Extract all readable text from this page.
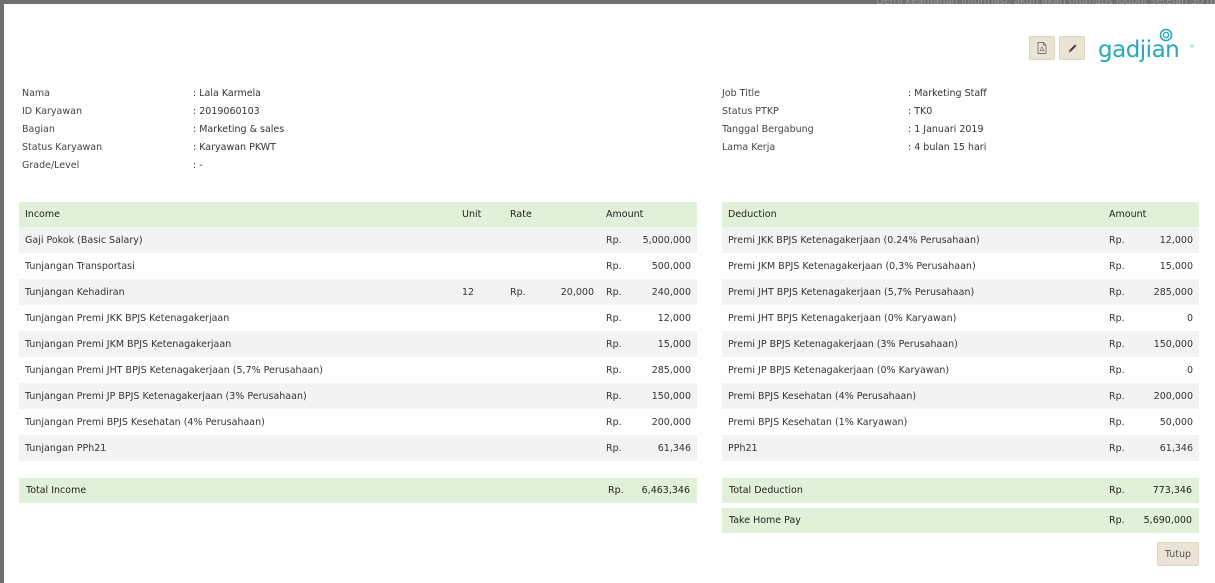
gadjian
Nama	: Lala Karmela
ID Karyawan	: 2019060103
Bagian	: Marketing & sales
Status Karyawan	: Karyawan PKWT
Grade/Level	: -
Job Title	: Marketing Staff
Status PTKP	: TK0
Tanggal Bergabung	: 1 Januari 2019
Lama Kerja	: 4 bulan 15 hari
Income	Unit	Rate		Amount	
Gaji Pokok (Basic Salary)				Rp.	5,000,000
Tunjangan Transportasi				Rp.	500,000
Tunjangan Kehadiran	12	Rp.	20,000	Rp.	240,000
Tunjangan Premi JKK BPJS Ketenagakerjaan				Rp.	12,000
Tunjangan Premi JKM BPJS Ketenagakerjaan				Rp.	15,000
Tunjangan Premi JHT BPJS Ketenagakerjaan (5,7% Perusahaan)				Rp.	285,000
Tunjangan Premi JP BPJS Ketenagakerjaan (3% Perusahaan)				Rp.	150,000
Tunjangan Premi BPJS Kesehatan (4% Perusahaan)				Rp.	200,000
Tunjangan PPh21				Rp.	61,346
Deduction	Amount	
Premi JKK BPJS Ketenagakerjaan (0.24% Perusahaan)	Rp.	12,000
Premi JKM BPJS Ketenagakerjaan (0,3% Perusahaan)	Rp.	15,000
Premi JHT BPJS Ketenagakerjaan (5,7% Perusahaan)	Rp.	285,000
Premi JHT BPJS Ketenagakerjaan (0% Karyawan)	Rp.	0
Premi JP BPJS Ketenagakerjaan (3% Perusahaan)	Rp.	150,000
Premi JP BPJS Ketenagakerjaan (0% Karyawan)	Rp.	0
Premi BPJS Kesehatan (4% Perusahaan)	Rp.	200,000
Premi BPJS Kesehatan (1% Karyawan)	Rp.	50,000
PPh21	Rp.	61,346
Total Income	Rp. 6,463,346	Total Deduction	Rp.	773,346
Take Home Pay	Rp. 5,690,000
Tutup
